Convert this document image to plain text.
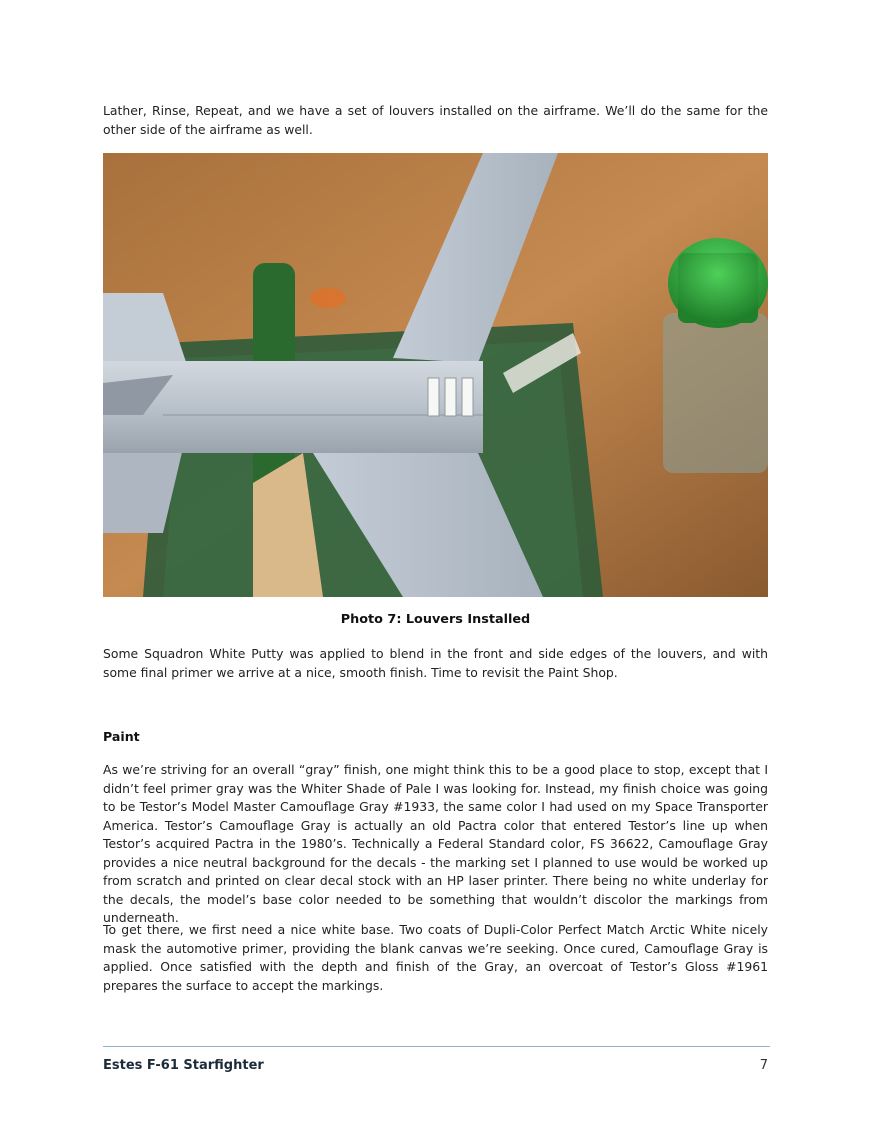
Lather, Rinse, Repeat, and we have a set of louvers installed on the airframe. We’ll do the same for the other side of the airframe as well.

Photo 7: Louvers Installed

Some Squadron White Putty was applied to blend in the front and side edges of the louvers, and with some final primer we arrive at a nice, smooth finish. Time to revisit the Paint Shop.

Paint

As we’re striving for an overall “gray” finish, one might think this to be a good place to stop, except that I didn’t feel primer gray was the Whiter Shade of Pale I was looking for. Instead, my finish choice was going to be Testor’s Model Master Camouflage Gray #1933, the same color I had used on my Space Transporter America. Testor’s Camouflage Gray is actually an old Pactra color that entered Testor’s line up when Testor’s acquired Pactra in the 1980’s. Technically a Federal Standard color, FS 36622, Camouflage Gray provides a nice neutral background for the decals - the marking set I planned to use would be worked up from scratch and printed on clear decal stock with an HP laser printer. There being no white underlay for the decals, the model’s base color needed to be something that wouldn’t discolor the markings from underneath.

To get there, we first need a nice white base. Two coats of Dupli-Color Perfect Match Arctic White nicely mask the automotive primer, providing the blank canvas we’re seeking. Once cured, Camouflage Gray is applied. Once satisfied with the depth and finish of the Gray, an overcoat of Testor’s Gloss #1961 prepares the surface to accept the markings.

Estes F-61 Starfighter	7
